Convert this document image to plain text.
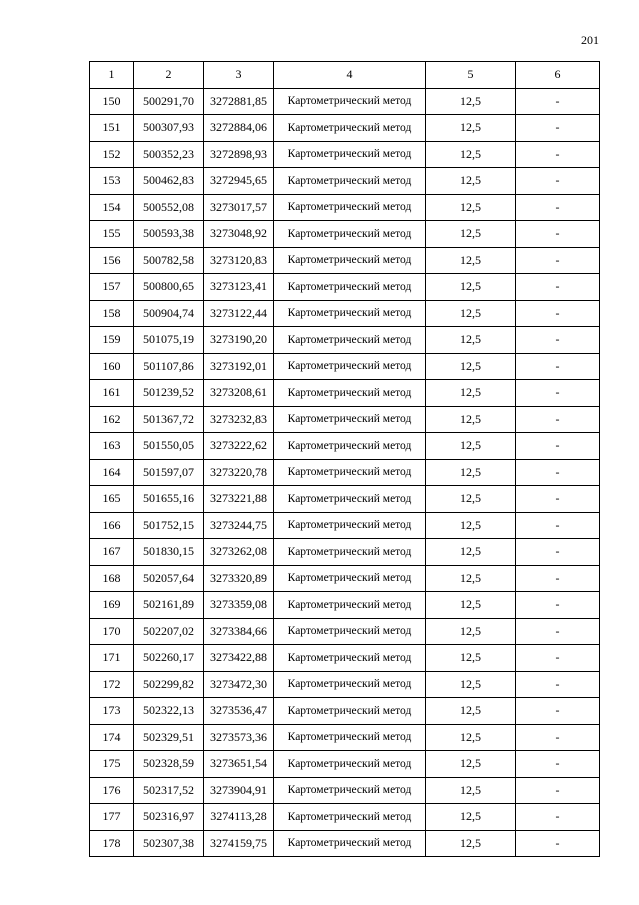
201
1	2	3	4	5	6
150	500291,70	3272881,85	Картометрический метод	12,5	-
151	500307,93	3272884,06	Картометрический метод	12,5	-
152	500352,23	3272898,93	Картометрический метод	12,5	-
153	500462,83	3272945,65	Картометрический метод	12,5	-
154	500552,08	3273017,57	Картометрический метод	12,5	-
155	500593,38	3273048,92	Картометрический метод	12,5	-
156	500782,58	3273120,83	Картометрический метод	12,5	-
157	500800,65	3273123,41	Картометрический метод	12,5	-
158	500904,74	3273122,44	Картометрический метод	12,5	-
159	501075,19	3273190,20	Картометрический метод	12,5	-
160	501107,86	3273192,01	Картометрический метод	12,5	-
161	501239,52	3273208,61	Картометрический метод	12,5	-
162	501367,72	3273232,83	Картометрический метод	12,5	-
163	501550,05	3273222,62	Картометрический метод	12,5	-
164	501597,07	3273220,78	Картометрический метод	12,5	-
165	501655,16	3273221,88	Картометрический метод	12,5	-
166	501752,15	3273244,75	Картометрический метод	12,5	-
167	501830,15	3273262,08	Картометрический метод	12,5	-
168	502057,64	3273320,89	Картометрический метод	12,5	-
169	502161,89	3273359,08	Картометрический метод	12,5	-
170	502207,02	3273384,66	Картометрический метод	12,5	-
171	502260,17	3273422,88	Картометрический метод	12,5	-
172	502299,82	3273472,30	Картометрический метод	12,5	-
173	502322,13	3273536,47	Картометрический метод	12,5	-
174	502329,51	3273573,36	Картометрический метод	12,5	-
175	502328,59	3273651,54	Картометрический метод	12,5	-
176	502317,52	3273904,91	Картометрический метод	12,5	-
177	502316,97	3274113,28	Картометрический метод	12,5	-
178	502307,38	3274159,75	Картометрический метод	12,5	-
